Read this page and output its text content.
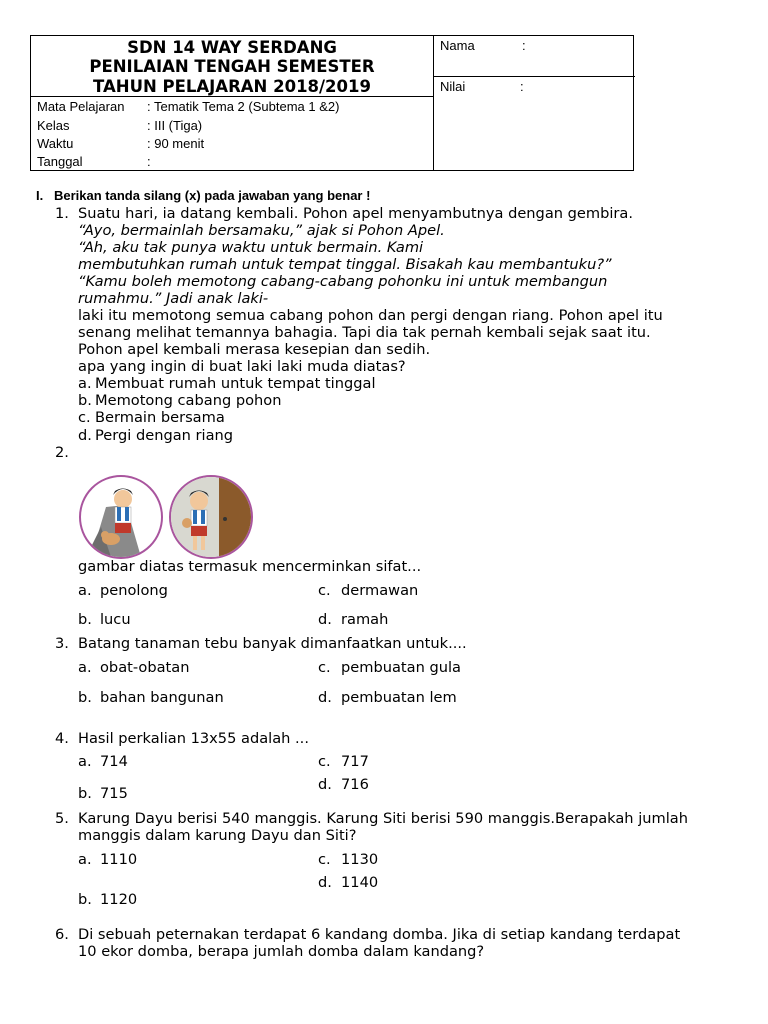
SDN 14 WAY SERDANG
PENILAIAN TENGAH SEMESTER
TAHUN PELAJARAN 2018/2019
Mata Pelajaran : Tematik Tema 2 (Subtema 1 &2)
Kelas	: III (Tiga)
Waktu	: 90 menit
Tanggal	:
Nama	:
Nilai	:
I. Berikan tanda silang (x) pada jawaban yang benar !
1. Suatu hari, ia datang kembali. Pohon apel menyambutnya dengan gembira.
“Ayo, bermainlah bersamaku,” ajak si Pohon Apel.
“Ah, aku tak punya waktu untuk bermain. Kami
membutuhkan rumah untuk tempat tinggal. Bisakah kau membantuku?”
“Kamu boleh memotong cabang-cabang pohonku ini untuk membangun
rumahmu.” Jadi anak laki-
laki itu memotong semua cabang pohon dan pergi dengan riang. Pohon apel itu
senang melihat temannya bahagia. Tapi dia tak pernah kembali sejak saat itu.
Pohon apel kembali merasa kesepian dan sedih.
apa yang ingin di buat laki laki muda diatas?
a. Membuat rumah untuk tempat tinggal
b. Memotong cabang pohon
c. Bermain bersama
d. Pergi dengan riang
2.
gambar diatas termasuk mencerminkan sifat...
a. penolong	c. dermawan
b. lucu	d. ramah
3. Batang tanaman tebu banyak dimanfaatkan untuk....
a. obat-obatan	c. pembuatan gula
b. bahan bangunan	d. pembuatan lem
4. Hasil perkalian 13x55 adalah ...
a. 714	c. 717
d. 716
b. 715
5. Karung Dayu berisi 540 manggis. Karung Siti berisi 590 manggis.Berapakah jumlah
manggis dalam karung Dayu dan Siti?
a. 1110	c. 1130
d. 1140
b. 1120
6. Di sebuah peternakan terdapat 6 kandang domba. Jika di setiap kandang terdapat
10 ekor domba, berapa jumlah domba dalam kandang?
